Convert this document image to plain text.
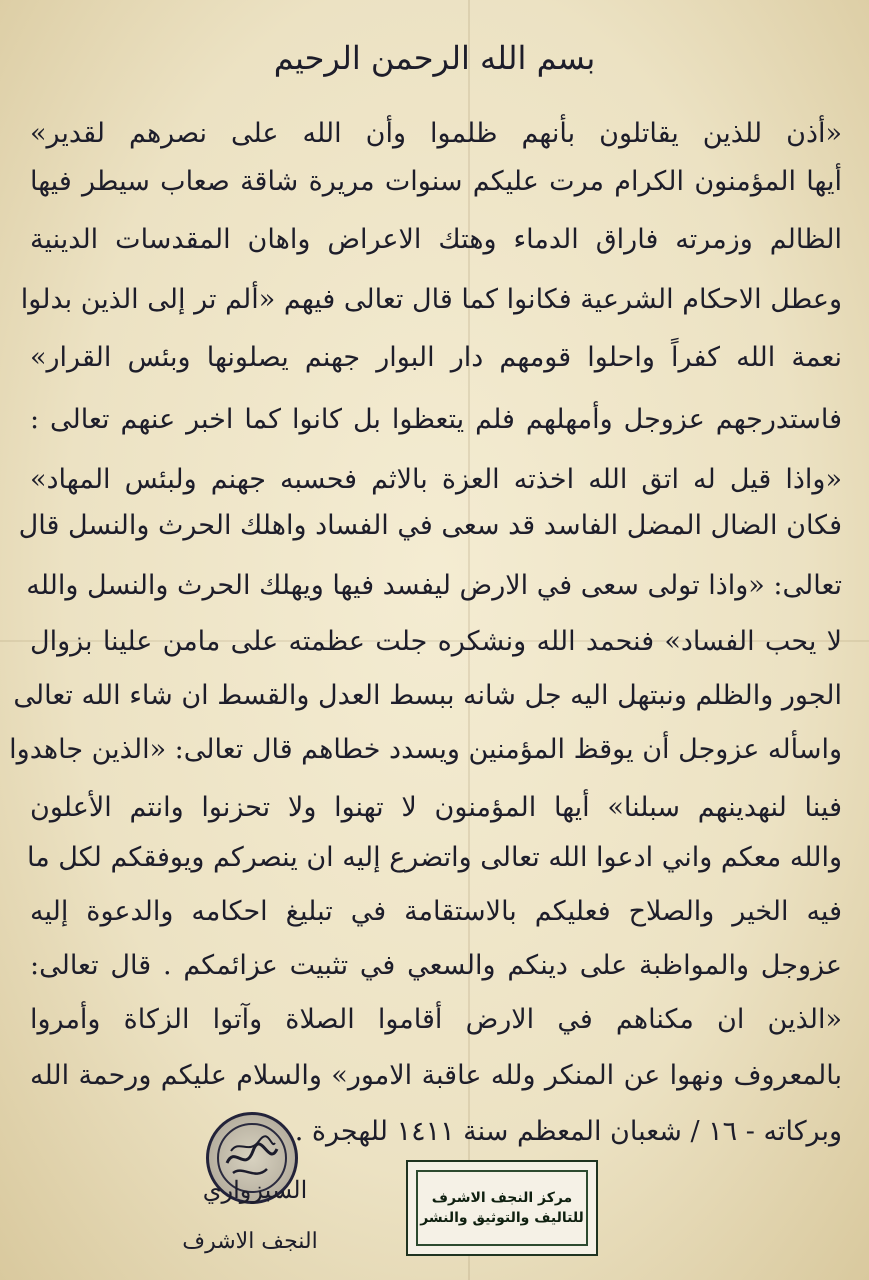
بسم الله الرحمن الرحيم
«أذن للذين يقاتلون بأنهم ظلموا وأن الله على نصرهم لقدير»
أيها المؤمنون الكرام مرت عليكم سنوات مريرة شاقة صعاب سيطر فيها
الظالم وزمرته فاراق الدماء وهتك الاعراض واهان المقدسات الدينية
وعطل الاحكام الشرعية فكانوا كما قال تعالى فيهم «ألم تر إلى الذين بدلوا
نعمة الله كفراً واحلوا قومهم دار البوار جهنم يصلونها وبئس القرار»
فاستدرجهم عزوجل وأمهلهم فلم يتعظوا بل كانوا كما اخبر عنهم تعالى :
«واذا قيل له اتق الله اخذته العزة بالاثم فحسبه جهنم ولبئس المهاد»
فكان الضال المضل الفاسد قد سعى في الفساد واهلك الحرث والنسل قال
تعالى: «واذا تولى سعى في الارض ليفسد فيها ويهلك الحرث والنسل والله
لا يحب الفساد» فنحمد الله ونشكره جلت عظمته على مامن علينا بزوال
الجور والظلم ونبتهل اليه جل شانه ببسط العدل والقسط ان شاء الله تعالى
واسأله عزوجل أن يوقظ المؤمنين ويسدد خطاهم قال تعالى: «الذين جاهدوا
فينا لنهدينهم سبلنا» أيها المؤمنون لا تهنوا ولا تحزنوا وانتم الأعلون
والله معكم واني ادعوا الله تعالى واتضرع إليه ان ينصركم ويوفقكم لكل ما
فيه الخير والصلاح فعليكم بالاستقامة في تبليغ احكامه والدعوة إليه
عزوجل والمواظبة على دينكم والسعي في تثبيت عزائمكم . قال تعالى:
«الذين ان مكناهم في الارض أقاموا الصلاة وآتوا الزكاة وأمروا
بالمعروف ونهوا عن المنكر ولله عاقبة الامور» والسلام عليكم ورحمة الله
وبركاته - ١٦ / شعبان المعظم سنة ١٤١١ للهجرة .
السبزواري
النجف الاشرف
مركز النجف الاشرف
للتاليف والتوثيق والنشر
